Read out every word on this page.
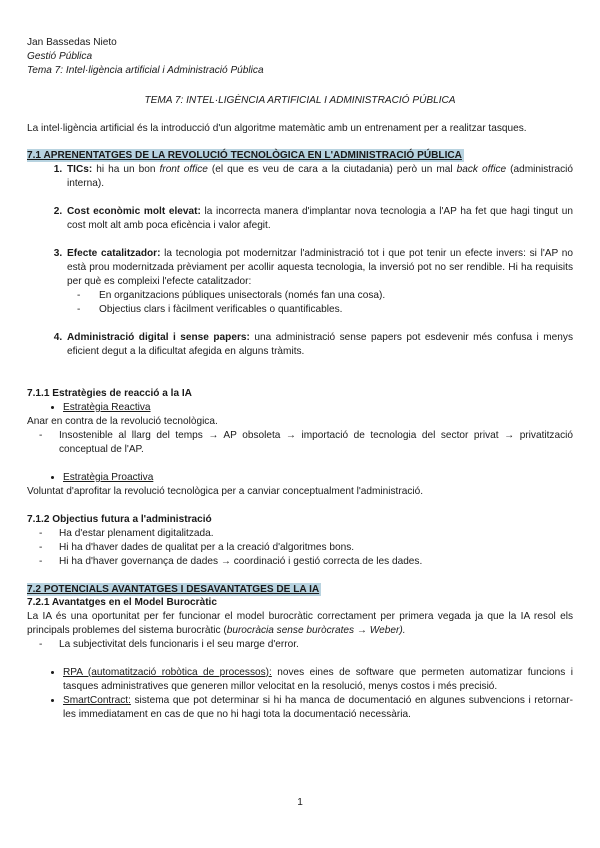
Jan Bassedas Nieto
Gestió Pública
Tema 7: Intel·ligència artificial i Administració Pública
TEMA 7: INTEL·LIGÈNCIA ARTIFICIAL I ADMINISTRACIÓ PÚBLICA
La intel·ligència artificial és la introducció d'un algoritme matemàtic amb un entrenament per a realitzar tasques.
7.1 APRENENTATGES DE LA REVOLUCIÓ TECNOLÒGICA EN L'ADMINISTRACIÓ PÚBLICA
1. TICs: hi ha un bon front office (el que es veu de cara a la ciutadania) però un mal back office (administració interna).
2. Cost econòmic molt elevat: la incorrecta manera d'implantar nova tecnologia a l'AP ha fet que hagi tingut un cost molt alt amb poca eficència i valor afegit.
3. Efecte catalitzador: la tecnologia pot modernitzar l'administració tot i que pot tenir un efecte invers: si l'AP no està prou modernitzada prèviament per acollir aquesta tecnologia, la inversió pot no ser rendible. Hi ha requisits per què es compleixi l'efecte catalitzador:
- En organitzacions públiques unisectorals (només fan una cosa).
- Objectius clars i fàcilment verificables o quantificables.
4. Administració digital i sense papers: una administració sense papers pot esdevenir més confusa i menys eficient degut a la dificultat afegida en alguns tràmits.
7.1.1 Estratègies de reacció a la IA
• Estratègia Reactiva
Anar en contra de la revolució tecnològica.
- Insostenible al llarg del temps → AP obsoleta → importació de tecnologia del sector privat → privatització conceptual de l'AP.
• Estratègia Proactiva
Voluntat d'aprofitar la revolució tecnològica per a canviar conceptualment l'administració.
7.1.2 Objectius futura a l'administració
- Ha d'estar plenament digitalitzada.
- Hi ha d'haver dades de qualitat per a la creació d'algoritmes bons.
- Hi ha d'haver governança de dades → coordinació i gestió correcta de les dades.
7.2 POTENCIALS AVANTATGES I DESAVANTATGES DE LA IA
7.2.1 Avantatges en el Model Burocràtic
La IA és una oportunitat per fer funcionar el model burocràtic correctament per primera vegada ja que la IA resol els principals problemes del sistema burocràtic (burocràcia sense buròcrates → Weber).
- La subjectivitat dels funcionaris i el seu marge d'error.
• RPA (automatització robòtica de processos): noves eines de software que permeten automatizar funcions i tasques administratives que generen millor velocitat en la resolució, menys costos i més precisió.
• SmartContract: sistema que pot determinar si hi ha manca de documentació en algunes subvencions i retornar-les immediatament en cas de que no hi hagi tota la documentació necessària.
1
